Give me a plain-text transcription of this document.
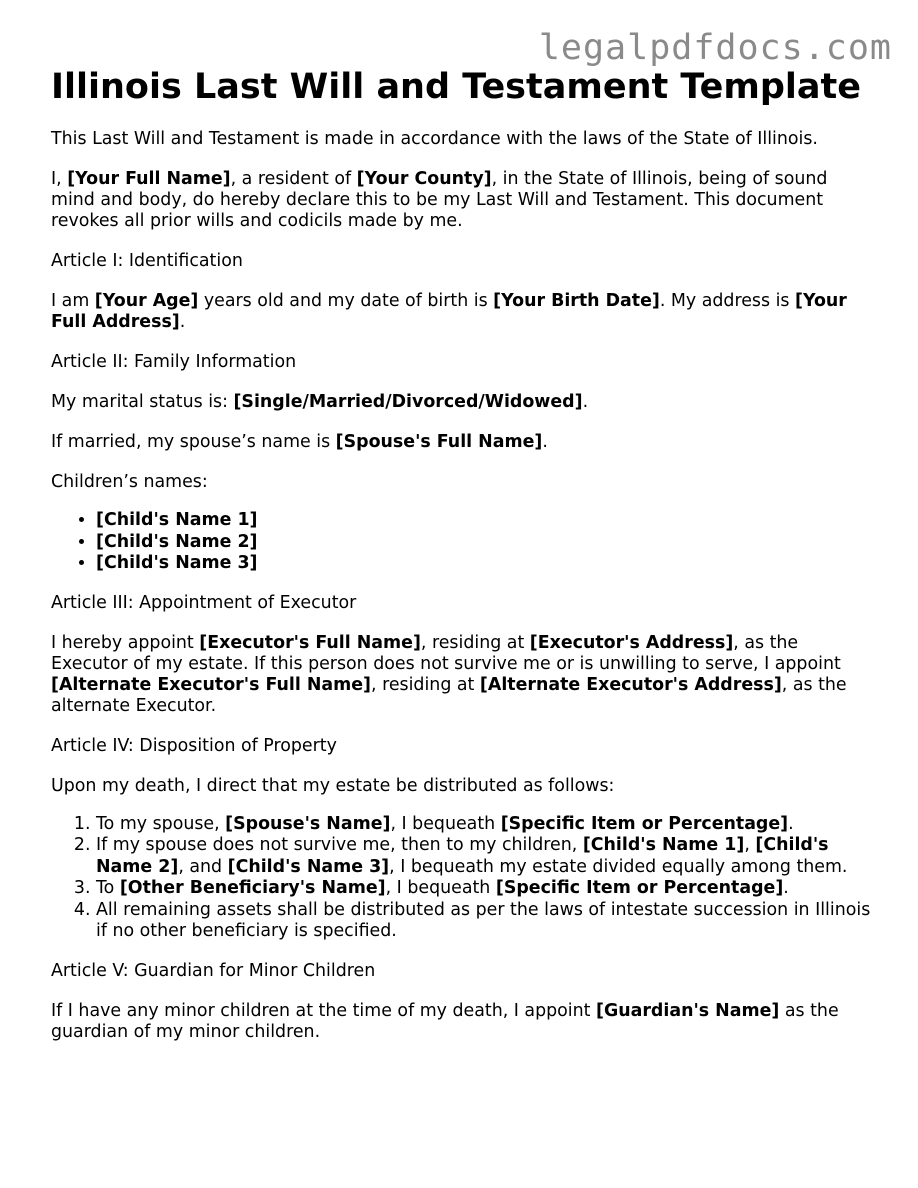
legalpdfdocs.com
Illinois Last Will and Testament Template

This Last Will and Testament is made in accordance with the laws of the State of Illinois.

I, [Your Full Name], a resident of [Your County], in the State of Illinois, being of sound mind and body, do hereby declare this to be my Last Will and Testament. This document revokes all prior wills and codicils made by me.

Article I: Identification

I am [Your Age] years old and my date of birth is [Your Birth Date]. My address is [Your Full Address].

Article II: Family Information

My marital status is: [Single/Married/Divorced/Widowed].

If married, my spouse’s name is [Spouse's Full Name].

Children’s names:

• [Child's Name 1]
• [Child's Name 2]
• [Child's Name 3]

Article III: Appointment of Executor

I hereby appoint [Executor's Full Name], residing at [Executor's Address], as the Executor of my estate. If this person does not survive me or is unwilling to serve, I appoint [Alternate Executor's Full Name], residing at [Alternate Executor's Address], as the alternate Executor.

Article IV: Disposition of Property

Upon my death, I direct that my estate be distributed as follows:

1. To my spouse, [Spouse's Name], I bequeath [Specific Item or Percentage].
2. If my spouse does not survive me, then to my children, [Child's Name 1], [Child's Name 2], and [Child's Name 3], I bequeath my estate divided equally among them.
3. To [Other Beneficiary's Name], I bequeath [Specific Item or Percentage].
4. All remaining assets shall be distributed as per the laws of intestate succession in Illinois if no other beneficiary is specified.

Article V: Guardian for Minor Children

If I have any minor children at the time of my death, I appoint [Guardian's Name] as the guardian of my minor children.
